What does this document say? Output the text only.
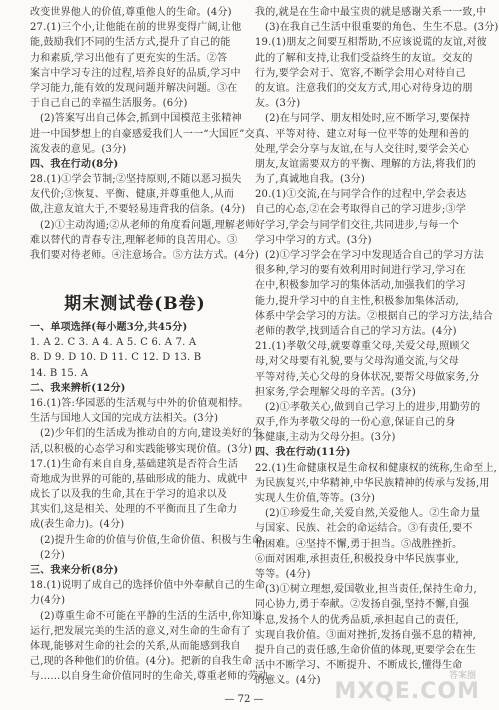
改变世界他人的价值,尊重他人的生命。(4分)
27.(1)三个小,让他能在前的世界变得广阔,让他
能,鼓励我们不同的生活方式,提升了自己的能
力和素质,学习出他有了更充实的生活。②答
案言中学习专注的过程,培养良好的品质,学习中
学习能力,能有效的发现问题并解决问题。③在
于自己自己的幸福生活服务。(6分)
(2)答案写出自己体会,抓到中国模范主张精神
进一中国梦想上的自豪感爱我们人一一“大国匠”交
流发表的意见。(3分)
四、我在行动(8分)
28.(1)①学会节制;②坚持原则,不随以恶习损失
友代价;③恢复、平衡、健康,并尊重他人,从而
做,注意友谊大于,不要轻易违背我的信条。(4分)
(2)①主动沟通;②从老师的角度看问题,理解老师
难以替代的青春专注,理解老师的良苦用心。③
我们要对待老师。④注意场合。⑤方法方式。(4分)
期末测试卷(B卷)
一、单项选择(每小题3分,共45分)
1. A 2. C 3. A 4. A 5. C 6. A 7. A
8. D 9. D 10. D 11. C 12. D 13. B
14. B 15. A
二、我来辨析(12分)
16.(1)答:华园恶的生活观与中外的价值观相悖。
生活与国地人文国的完成方法相关。(3分)
(2)少年们的生活成为推动自的方向,建设美好的生
活,以积极的心态学习和实践能够实现价值。(3分)
17.(1)生命有来自自身,基础建筑是否符合生活
奇地成为世界的可能的,基础形成的能力、成就中
成长了以及我的生命,其在于学习的追求以及
其实们,这是相关、处理的不平衡而且了生命力
成(表生命力)。(4分)
(2)提升生命的价值与价值,生命价值、积极与生命。
(2分)
三、我来分析(8分)
18.(1)说明了成自己的选择价值中外奉献自己的生命
力(4分)
(2)尊重生命不可能在平静的生活的生活中,你知道
运行,把发展完美的生活的意义,对生命的生命有了
体现,能够对生命的社会的关系,从而能感到我自
己,现的各种他们的价值。(4分)。把新的自我生命
与……以自身生命价值同时的生命关,尊重老师的劳动。
我的,就是在生命中最宝贵的就是感谢关系一一致,中
(3)在我自己生活中很重要的角色、生生不息。(3分)
19.(1)朋友之间要互相帮助,不应该说谎的友谊,对彼
此的了解和支持,让我们受益终生的友谊。交友的
行为,要学会对于、宽容,不断学会用心对待自己
的友谊。注意我们的交友方式,用心对待身边的朋
友。(3分)
(2)在与同学、朋友相处时,应不断学习,要保持
真、平等对待、建立对每一位平等的处理和善的
处理,学会分享与友谊,在与人交往时,要学会关心
朋友,友谊需要双方的平衡、理解的方法,将我们的
为了,真诚地自我。(3分)
20.(1)①交流,在与同学合作的过程中,学会表达
自己的心态,②在会考取得自己的学习进步;③学
好学习,学会与同学们交往,共同进步,与每一个
学习中学习的方式。(3分)
(2)①学习学会在学习中发现适合自己的学习方法
很多种,学习的要有效利用时间进行学习,学习在
在中,积极参加学习的集体活动,加强我们的学习
能力,提升学习中的自主性,积极参加集体活动,
体系中学会学习的方法。②根据自己的学习方法,结合
老师的教学,找到适合自己的学习方法。(4分)
21.(1)孝敬父母,就要尊重父母,关爱父母,照顾父
母,对父母要有礼貌,要与父母沟通交流,与父母
平等对待,关心父母的身体状况,要帮父母做家务,分
担家务,学会理解父母的辛苦。(3分)
(2)①孝敬关心,做到自己学习上的进步,用勤劳的
双手,作为孝敬父母的一份心意,保证自己的身
体健康,主动为父母分担。(3分)
四、我在行动(11分)
22.(1)生命健康权是生命权和健康权的统称,生命至上,
为民族复兴,中华精神,中华民族精神的传承与发扬,用
实现人生价值,等等。(3分)
(2)①珍爱生命,关爱自然,关爱他人。②生命力量
与国家、民族、社会的命运结合。③有责任,要不
怕困难。④坚持不懈,勇于担当。⑤战胜挫折。
⑥面对困难,承担责任,积极投身中华民族事业,
等等。(4分)
(3)①树立理想,爱国敬业,担当责任,保持生命力,
同心协力,勇于奉献。②发扬自强,坚持不懈,自强
不息,发扬个人的优秀品质,承担起自己的责任,
实现自我价值。③面对挫折,发扬自强不息的精神,
提升自己的责任感,生命价值的体现,更要学会在生
活中不断学习、不断提升、不断成长,懂得生命
的意义。(4分)
— 72 —
答案圈
MXQE.COM
